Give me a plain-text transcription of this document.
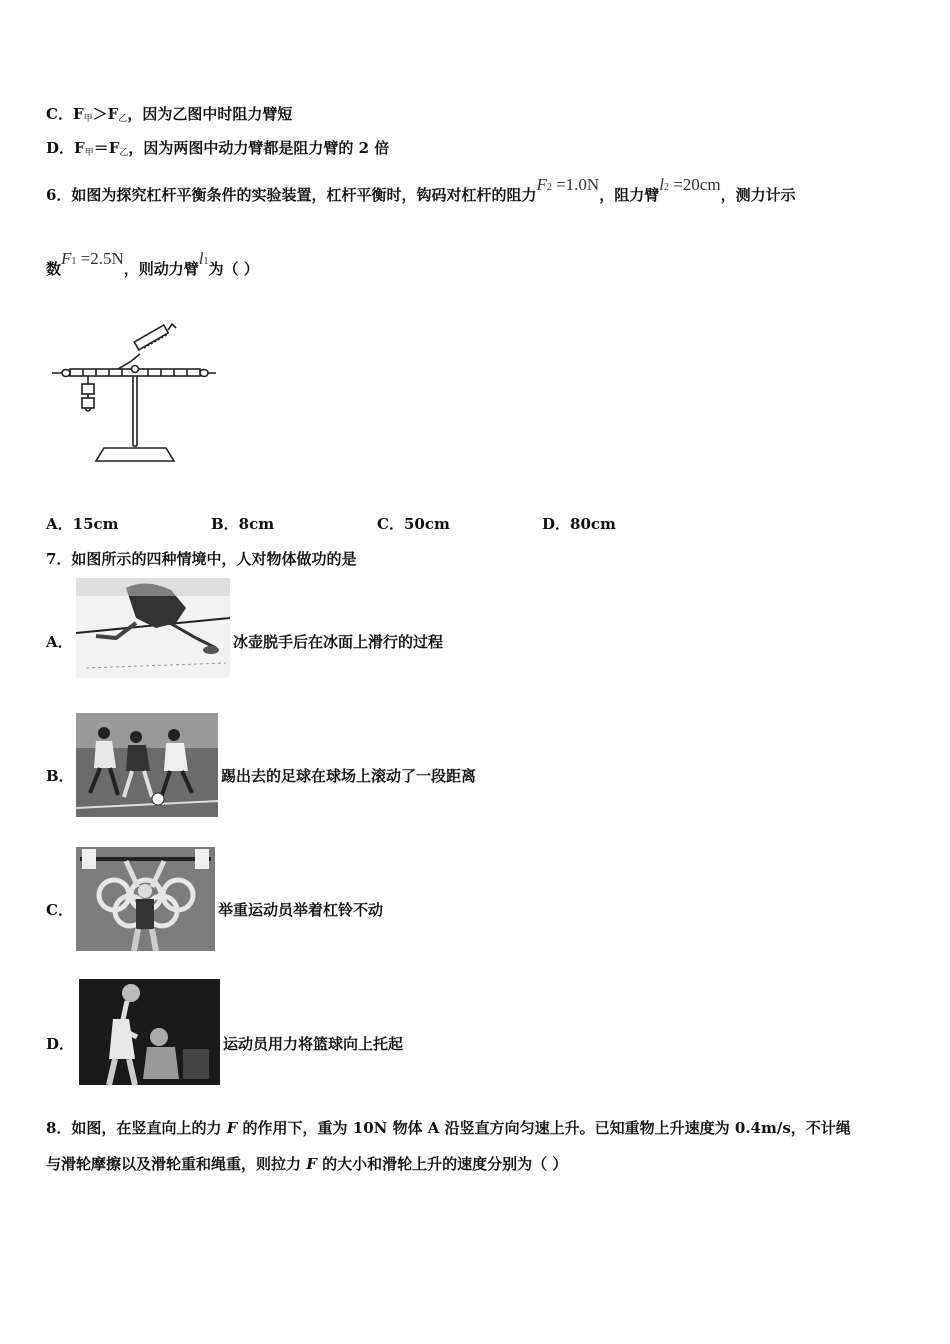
C．F甲＞F乙，因为乙图中时阻力臂短
D．F甲＝F乙，因为两图中动力臂都是阻力臂的 2 倍
6．如图为探究杠杆平衡条件的实验装置，杠杆平衡时，钩码对杠杆的阻力F2 =1.0N，阻力臂l2 =20cm，测力计示
数F1 =2.5N，则动力臂l1为（ ）
A．15cm	B．8cm	C．50cm	D．80cm
7．如图所示的四种情境中，人对物体做功的是
A．	冰壶脱手后在冰面上滑行的过程
B．	踢出去的足球在球场上滚动了一段距离
C．	举重运动员举着杠铃不动
D．	运动员用力将篮球向上托起
8．如图，在竖直向上的力 F 的作用下，重为 10N 物体 A 沿竖直方向匀速上升。已知重物上升速度为 0.4m/s，不计绳
与滑轮摩擦以及滑轮重和绳重，则拉力 F 的大小和滑轮上升的速度分别为（ ）
